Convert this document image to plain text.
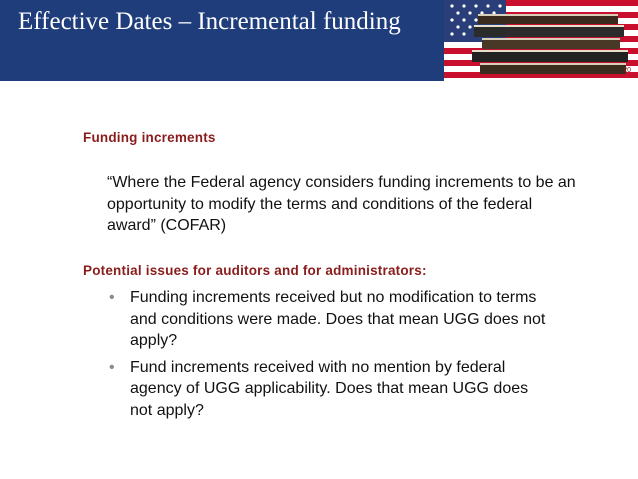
Effective Dates – Incremental funding
20
Funding increments
“Where the Federal agency considers funding increments to be an opportunity to modify the terms and conditions of the federal award” (COFAR)
Potential issues for auditors and for administrators:
• Funding increments received but no modification to terms and conditions were made. Does that mean UGG does not apply?
• Fund increments received with no mention by federal agency of UGG applicability. Does that mean UGG does not apply?
